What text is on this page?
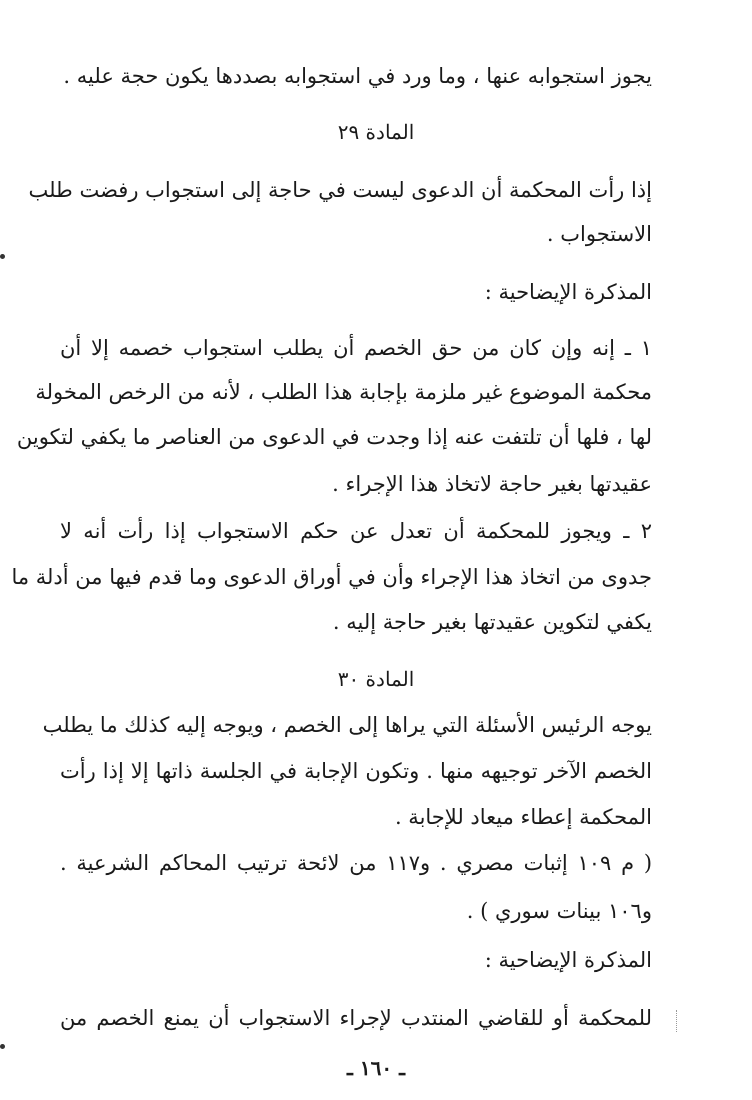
يجوز استجوابه عنها ، وما ورد في استجوابه بصددها يكون حجة عليه .
المادة ٢٩
إذا رأت المحكمة أن الدعوى ليست في حاجة إلى استجواب رفضت طلب
الاستجواب .
المذكرة الإيضاحية :
١ ـ إنه وإن كان من حق الخصم أن يطلب استجواب خصمه إلا أن
محكمة الموضوع غير ملزمة بإجابة هذا الطلب ، لأنه من الرخص المخولة
لها ، فلها أن تلتفت عنه إذا وجدت في الدعوى من العناصر ما يكفي لتكوين
عقيدتها بغير حاجة لاتخاذ هذا الإجراء .
٢ ـ ويجوز للمحكمة أن تعدل عن حكم الاستجواب إذا رأت أنه لا
جدوى من اتخاذ هذا الإجراء وأن في أوراق الدعوى وما قدم فيها من أدلة ما
يكفي لتكوين عقيدتها بغير حاجة إليه .
المادة ٣٠
يوجه الرئيس الأسئلة التي يراها إلى الخصم ، ويوجه إليه كذلك ما يطلب
الخصم الآخر توجيهه منها . وتكون الإجابة في الجلسة ذاتها إلا إذا رأت
المحكمة إعطاء ميعاد للإجابة .
( م ١٠٩ إثبات مصري . و١١٧ من لائحة ترتيب المحاكم الشرعية .
و١٠٦ بينات سوري ) .
المذكرة الإيضاحية :
للمحكمة أو للقاضي المنتدب لإجراء الاستجواب أن يمنع الخصم من
ـ ١٦٠ ـ
